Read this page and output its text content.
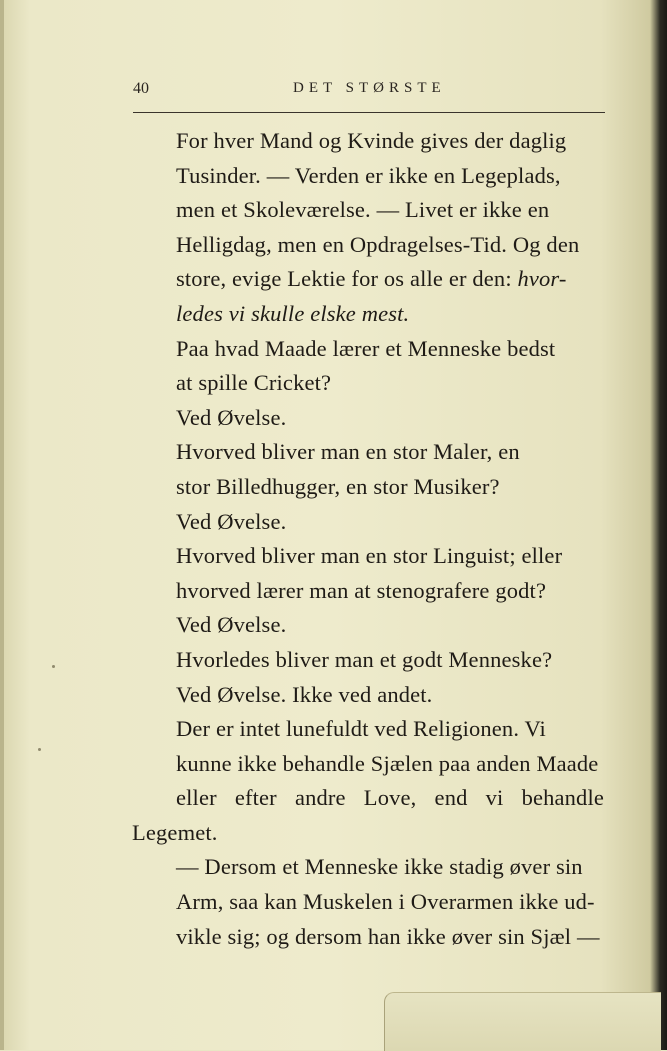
40	DET STØRSTE

For hver Mand og Kvinde gives der daglig
Tusinder. — Verden er ikke en Legeplads,
men et Skoleværelse. — Livet er ikke en
Helligdag, men en Opdragelses-Tid. Og den
store, evige Lektie for os alle er den: hvor-
ledes vi skulle elske mest.

Paa hvad Maade lærer et Menneske bedst
at spille Cricket?

Ved Øvelse.

Hvorved bliver man en stor Maler, en
stor Billedhugger, en stor Musiker?

Ved Øvelse.

Hvorved bliver man en stor Linguist; eller
hvorved lærer man at stenografere godt?

Ved Øvelse.

Hvorledes bliver man et godt Menneske?

Ved Øvelse. Ikke ved andet.

Der er intet lunefuldt ved Religionen. Vi
kunne ikke behandle Sjælen paa anden Maade
eller efter andre Love, end vi behandle Legemet.
— Dersom et Menneske ikke stadig øver sin
Arm, saa kan Muskelen i Overarmen ikke ud-
vikle sig; og dersom han ikke øver sin Sjæl —
